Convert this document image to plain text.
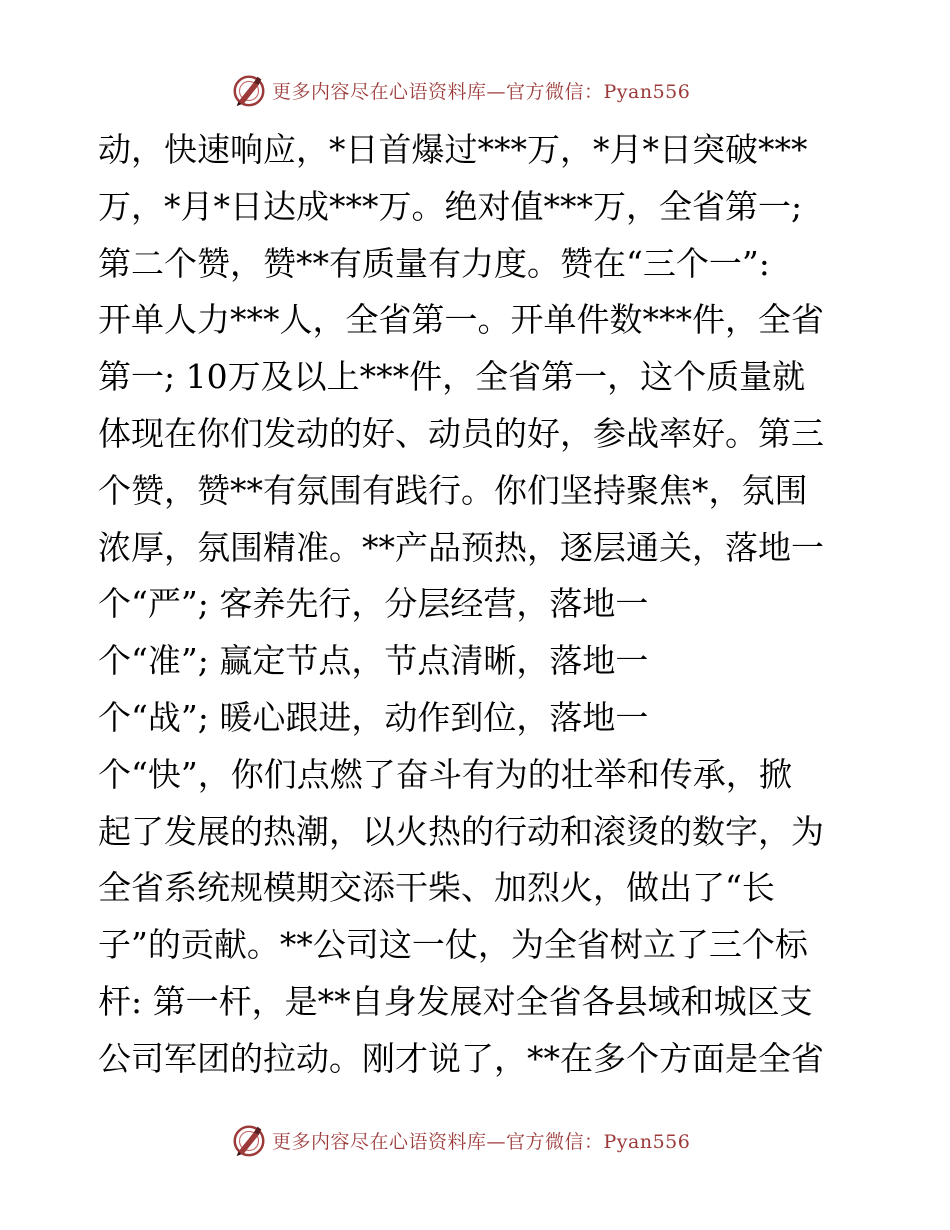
更多内容尽在心语资料库—官方微信：Pyan556
动，快速响应，*日首爆过***万，*月*日突破***
万，*月*日达成***万。绝对值***万，全省第一;
第二个赞，赞**有质量有力度。赞在“三个一”:
开单人力***人，全省第一。开单件数***件，全省
第一; 10万及以上***件，全省第一，这个质量就
体现在你们发动的好、动员的好，参战率好。第三
个赞，赞**有氛围有践行。你们坚持聚焦*，氛围
浓厚，氛围精准。**产品预热，逐层通关，落地一
个“严”; 客养先行，分层经营，落地一
个“准”; 赢定节点，节点清晰，落地一
个“战”; 暖心跟进，动作到位，落地一
个“快”，你们点燃了奋斗有为的壮举和传承，掀
起了发展的热潮，以火热的行动和滚烫的数字，为
全省系统规模期交添干柴、加烈火，做出了“长
子”的贡献。**公司这一仗，为全省树立了三个标
杆: 第一杆，是**自身发展对全省各县域和城区支
公司军团的拉动。刚才说了，**在多个方面是全省
更多内容尽在心语资料库—官方微信：Pyan556
